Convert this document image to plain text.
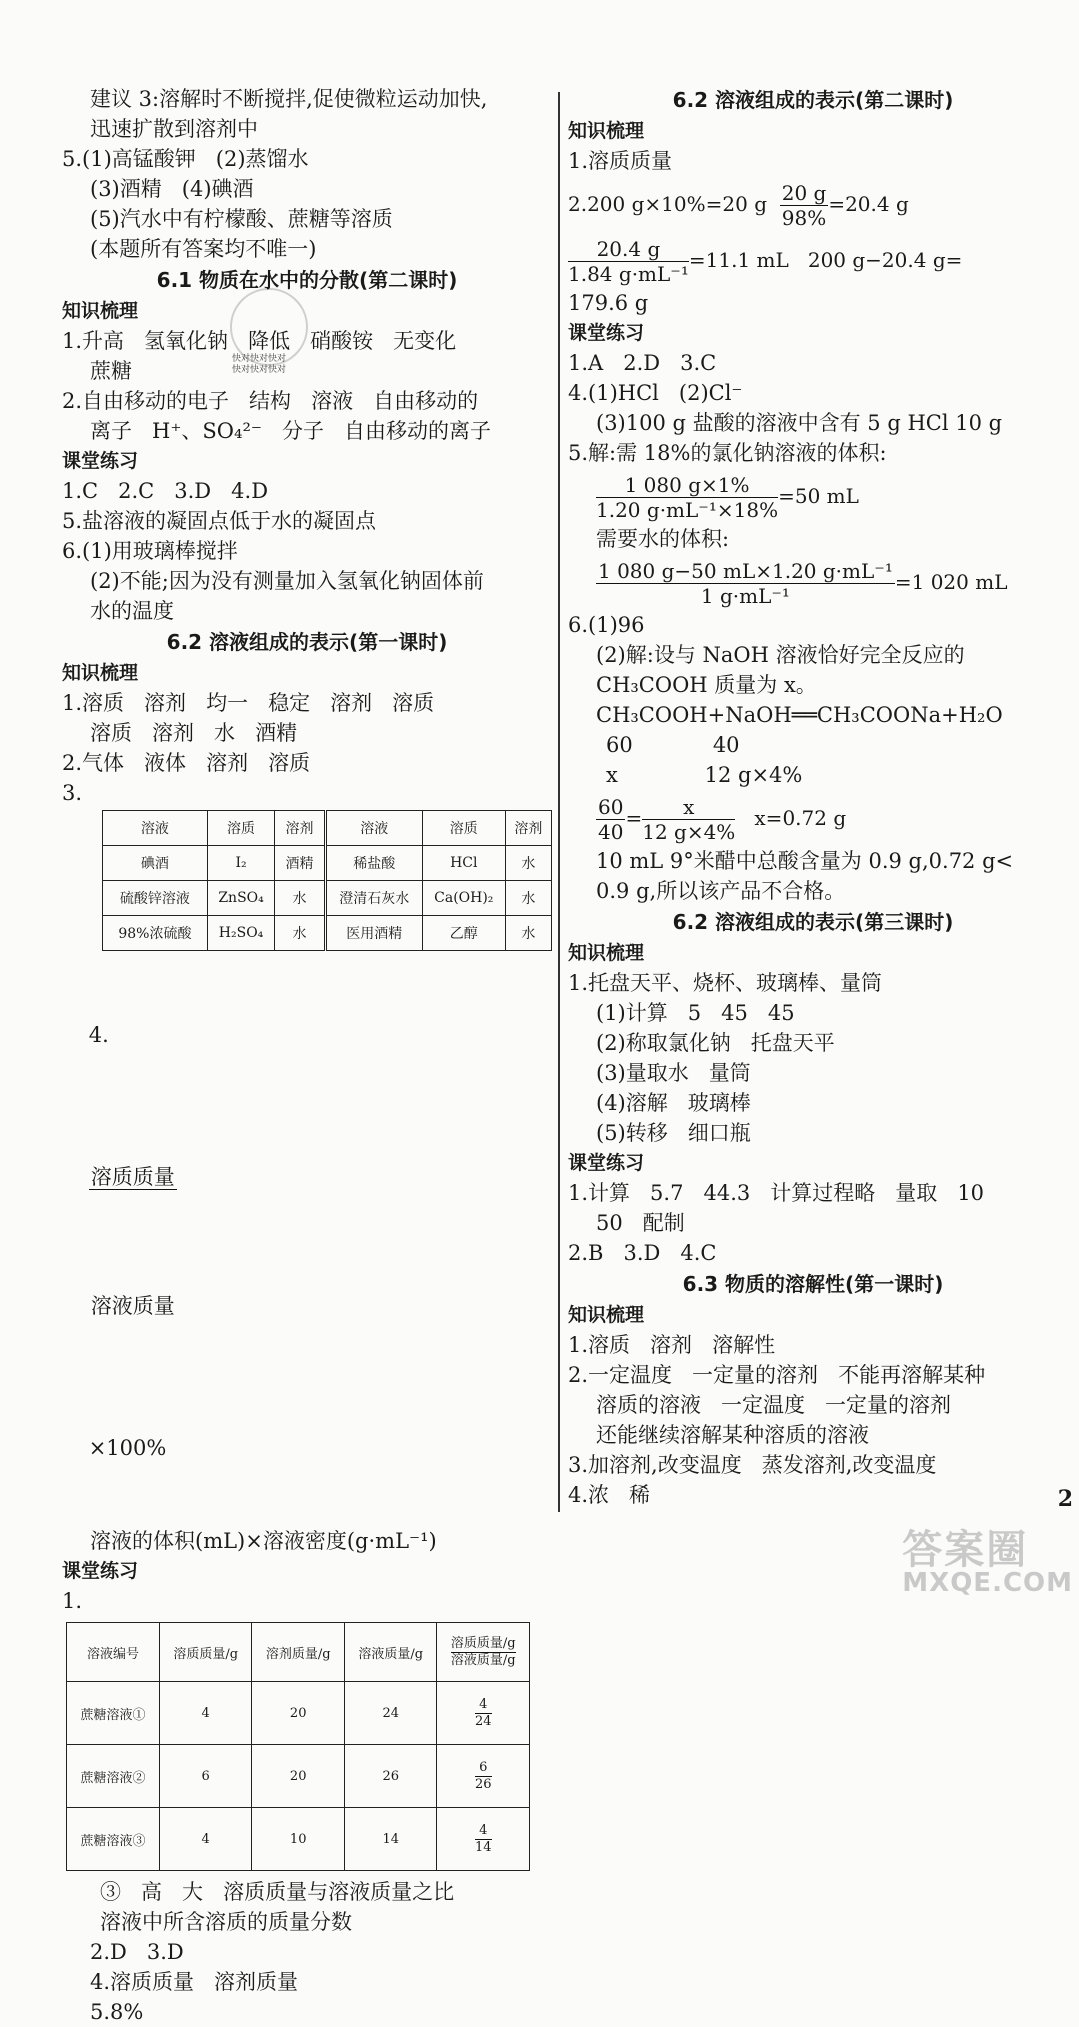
快对快对快对
快对快对快对
建议 3:溶解时不断搅拌,促使微粒运动加快,
迅速扩散到溶剂中
5.(1)高锰酸钾   (2)蒸馏水
(3)酒精   (4)碘酒
(5)汽水中有柠檬酸、蔗糖等溶质
(本题所有答案均不唯一)
6.1 物质在水中的分散(第二课时)
知识梳理
1.升高   氢氧化钠   降低   硝酸铵   无变化
蔗糖
2.自由移动的电子   结构   溶液   自由移动的
离子   H⁺、SO₄²⁻   分子   自由移动的离子
课堂练习
1.C   2.C   3.D   4.D
5.盐溶液的凝固点低于水的凝固点
6.(1)用玻璃棒搅拌
(2)不能;因为没有测量加入氢氧化钠固体前
水的温度
6.2 溶液组成的表示(第一课时)
知识梳理
1.溶质   溶剂   均一   稳定   溶剂   溶质
溶质   溶剂   水   酒精
2.气体   液体   溶剂   溶质
3.
溶液	溶质	溶剂	溶液	溶质	溶剂
碘酒	I₂	酒精	稀盐酸	HCl	水
硫酸锌溶液	ZnSO₄	水	澄清石灰水	Ca(OH)₂	水
98%浓硫酸	H₂SO₄	水	医用酒精	乙醇	水

4.

$\frac{\text{溶质质量}}{\text{溶液质量}}$

×100%

溶液的体积(mL)×溶液密度(g·mL⁻¹)
课堂练习
1.
溶液编号	溶质质量/g	溶剂质量/g	溶液质量/g	溶质质量/g
溶液质量/g

蔗糖溶液①	4	20	24	$\frac{4}{24}$

蔗糖溶液②	6	20	26	$\frac{6}{26}$

蔗糖溶液③	4	10	14	$\frac{4}{14}$
③   高   大   溶质质量与溶液质量之比
溶液中所含溶质的质量分数
2.D   3.D
4.溶质质量   溶剂质量
5.8%
6.2 溶液组成的表示(第二课时)
知识梳理
1.溶质质量
2.200 g×10%=20 g $\frac{20 g}{98\%} =20.4$ g
$\frac{20.4 g}{\text{1.84 g·mL⁻¹}} =11.1$ mL   200 g−20.4 g=
179.6 g
课堂练习
1.A   2.D   3.C
4.(1)HCl   (2)Cl⁻
(3)100 g 盐酸的溶液中含有 5 g HCl 10 g
5.解:需 18%的氯化钠溶液的体积:
$\frac{1 080 g\times 1\%}{\text{1.20 g·mL⁻¹×18\%}} =50$ mL
需要水的体积:
$\frac{\text{1 080 g−50 mL×1.20 g·mL⁻¹}}{\text{1 g·mL⁻¹}} =1$ 020 mL
6.(1)96
(2)解:设与 NaOH 溶液恰好完全反应的
CH₃COOH 质量为 x。
CH₃COOH+NaOH══CH₃COONa+H₂O
60            40
x             12 g×4%
$\frac{60}{40} = \frac{x}{12 g\times 4\%} x=0.72$ g
10 mL 9°米醋中总酸含量为 0.9 g,0.72 g<
0.9 g,所以该产品不合格。
6.2 溶液组成的表示(第三课时)
知识梳理
1.托盘天平、烧杯、玻璃棒、量筒
(1)计算   5   45   45
(2)称取氯化钠   托盘天平
(3)量取水   量筒
(4)溶解   玻璃棒
(5)转移   细口瓶
课堂练习
1.计算   5.7   44.3   计算过程略   量取   10
50   配制
2.B   3.D   4.C
6.3 物质的溶解性(第一课时)
知识梳理
1.溶质   溶剂   溶解性
2.一定温度   一定量的溶剂   不能再溶解某种
溶质的溶液   一定温度   一定量的溶剂
还能继续溶解某种溶质的溶液
3.加溶剂,改变温度   蒸发溶剂,改变温度
4.浓   稀	2
答案圈
MXQE.COM
